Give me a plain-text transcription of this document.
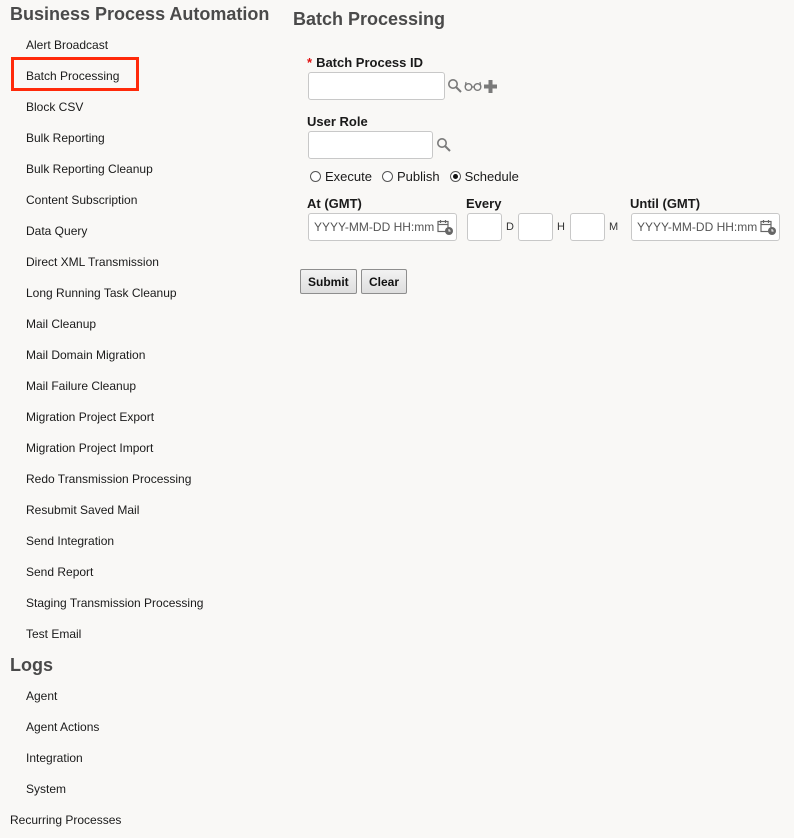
Business Process Automation
Alert Broadcast
Batch Processing
Block CSV
Bulk Reporting
Bulk Reporting Cleanup
Content Subscription
Data Query
Direct XML Transmission
Long Running Task Cleanup
Mail Cleanup
Mail Domain Migration
Mail Failure Cleanup
Migration Project Export
Migration Project Import
Redo Transmission Processing
Resubmit Saved Mail
Send Integration
Send Report
Staging Transmission Processing
Test Email
Logs
Agent
Agent Actions
Integration
System
Recurring Processes
Batch Processing
* Batch Process ID
User Role
Execute Publish Schedule
At (GMT)
YYYY-MM-DD HH:mm	Every
D	H	M
Until (GMT)
YYYY-MM-DD HH:mm
Submit	Clear
